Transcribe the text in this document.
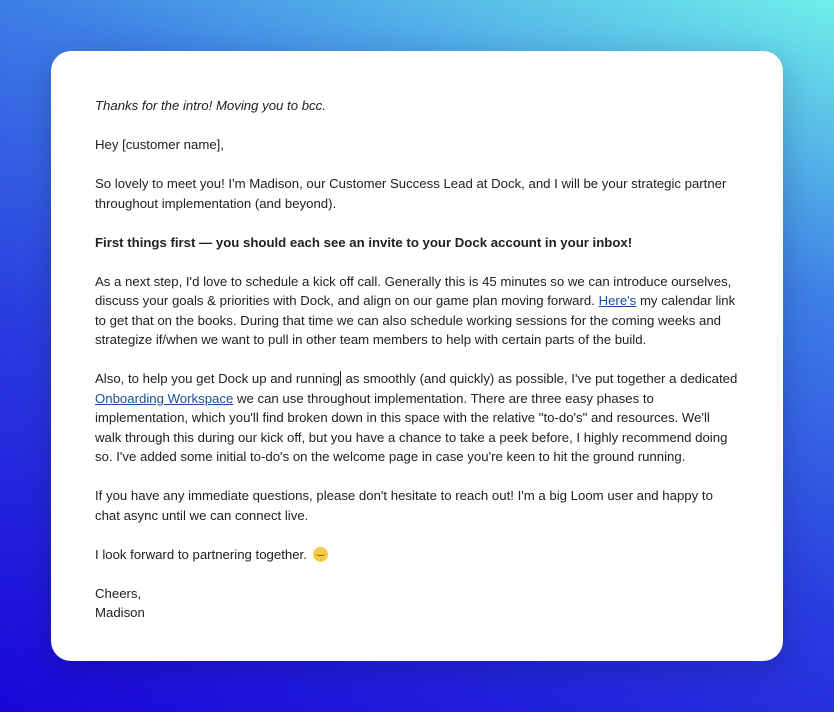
Thanks for the intro! Moving you to bcc.

Hey [customer name],

So lovely to meet you! I'm Madison, our Customer Success Lead at Dock, and I will be your strategic partner throughout implementation (and beyond).

First things first — you should each see an invite to your Dock account in your inbox!

As a next step, I'd love to schedule a kick off call. Generally this is 45 minutes so we can introduce ourselves, discuss your goals & priorities with Dock, and align on our game plan moving forward. Here's my calendar link to get that on the books. During that time we can also schedule working sessions for the coming weeks and strategize if/when we want to pull in other team members to help with certain parts of the build.

Also, to help you get Dock up and running as smoothly (and quickly) as possible, I've put together a dedicated Onboarding Workspace we can use throughout implementation. There are three easy phases to implementation, which you'll find broken down in this space with the relative "to-do's" and resources. We'll walk through this during our kick off, but you have a chance to take a peek before, I highly recommend doing so. I've added some initial to-do's on the welcome page in case you're keen to hit the ground running.

If you have any immediate questions, please don't hesitate to reach out! I'm a big Loom user and happy to chat async until we can connect live.

I look forward to partnering together.

Cheers,
Madison
